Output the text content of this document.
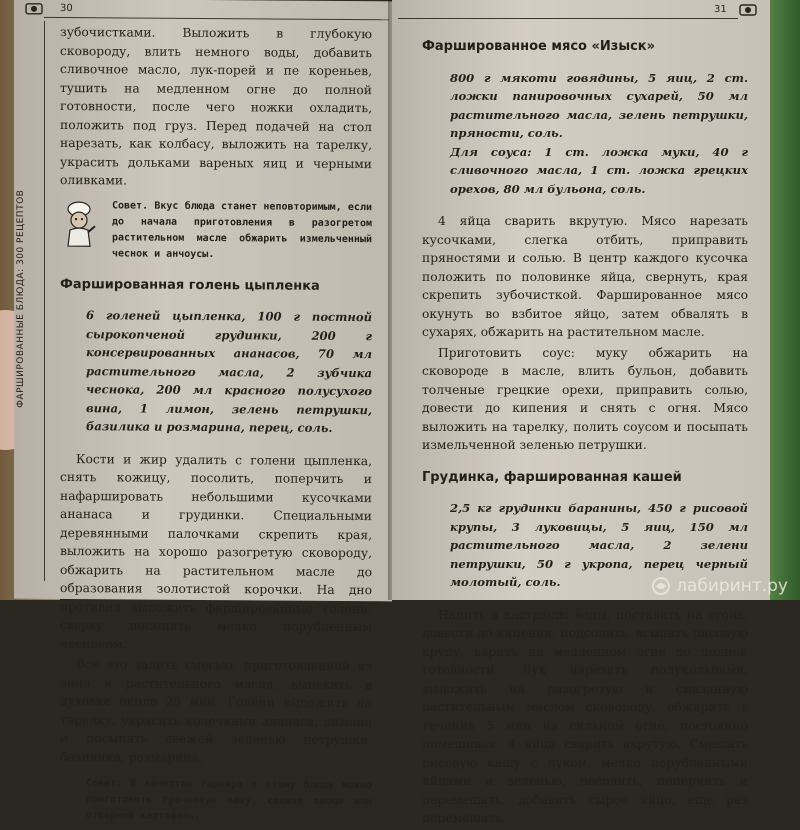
30
ФАРШИРОВАННЫЕ БЛЮДА: 300 РЕЦЕПТОВ

зубочистками. Выложить в глубокую сковороду, влить немного воды, добавить сливочное масло, лук-порей и пе кореньев, тушить на медленном огне до полной готовности, после чего ножки охладить, положить под груз. Перед подачей на стол нарезать, как колбасу, выложить на тарелку, украсить дольками вареных яиц и черными оливками.

Совет. Вкус блюда станет неповторимым, если до начала приготовления в разогретом растительном масле обжарить измельченный чеснок и анчоусы.
Фаршированная голень цыпленка
6 голеней цыпленка, 100 г постной сырокопченой грудинки, 200 г консервированных ананасов, 70 мл растительного масла, 2 зубчика чеснока, 200 мл красного полусухого вина, 1 лимон, зелень петрушки, базилика и розмарина, перец, соль.

Кости и жир удалить с голени цыпленка, снять кожицу, посолить, поперчить и нафаршировать небольшими кусочками ананаса и грудинки. Специальными деревянными палочками скрепить края, выложить на хорошо разогретую сковороду, обжарить на растительном масле до образования золотистой корочки. На дно противня выложить фаршированные голени, сверху посыпать мелко порубленным чесноком.

Все это залить смесью, приготовленной из вина и растительного масла, выпекать в духовке около 25 мин. Голени выложить на тарелку, украсить колечками ананаса, лимона и посыпать свежей зеленью петрушки, базилика, розмарина.

Совет. В качестве гарнира к этому блюду можно приготовить гречневую кашу, свежие овощи или отварной картофель.
31
Фаршированное мясо «Изыск»
800 г мякоти говядины, 5 яиц, 2 ст. ложки панировочных сухарей, 50 мл растительного масла, зелень петрушки, пряности, соль.
Для соуса: 1 ст. ложка муки, 40 г сливочного масла, 1 ст. ложка грецких орехов, 80 мл бульона, соль.

4 яйца сварить вкрутую. Мясо нарезать кусочками, слегка отбить, приправить пряностями и солью. В центр каждого кусочка положить по половинке яйца, свернуть, края скрепить зубочисткой. Фаршированное мясо окунуть во взбитое яйцо, затем обвалять в сухарях, обжарить на растительном масле.

Приготовить соус: муку обжарить на сковороде в масле, влить бульон, добавить толченые грецкие орехи, приправить солью, довести до кипения и снять с огня. Мясо выложить на тарелку, полить соусом и посыпать измельченной зеленью петрушки.

Грудинка, фаршированная кашей
2,5 кг грудинки баранины, 450 г рисовой крупы, 3 луковицы, 5 яиц, 150 мл растительного масла, 2 зелени петрушки, 50 г укропа, перец черный молотый, соль.

Налить в кастрюлю воды, поставить на огонь, довести до кипения, подсолить, всыпать рисовую крупу, варить на медленном огне до полной готовности. Лук нарезать полукольцами, выложить на разогретую и смазанную растительным маслом сковороду, обжарить в течение 5 мин на сильном огне, постоянно помешивая. 4 яйца сварить вкрутую. Смешать рисовую кашу с луком, мелко порубленными яйцами и зеленью, посолить, поперчить и перемешать, добавить сырое яйцо, еще раз перемешать.

лабиринт.ру
